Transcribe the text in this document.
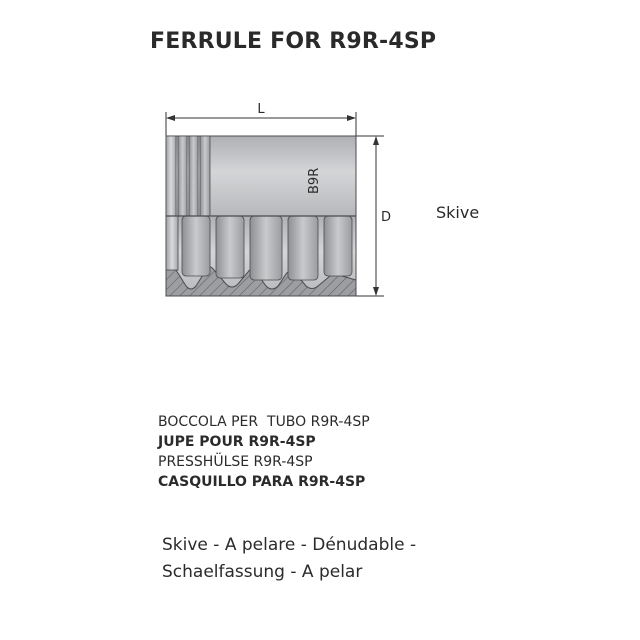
FERRULE FOR R9R-4SP
L
D
B9R
Skive
BOCCOLA PER  TUBO R9R-4SP
JUPE POUR R9R-4SP
PRESSHÜLSE R9R-4SP
CASQUILLO PARA R9R-4SP
Skive - A pelare - Dénudable -
Schaelfassung - A pelar
